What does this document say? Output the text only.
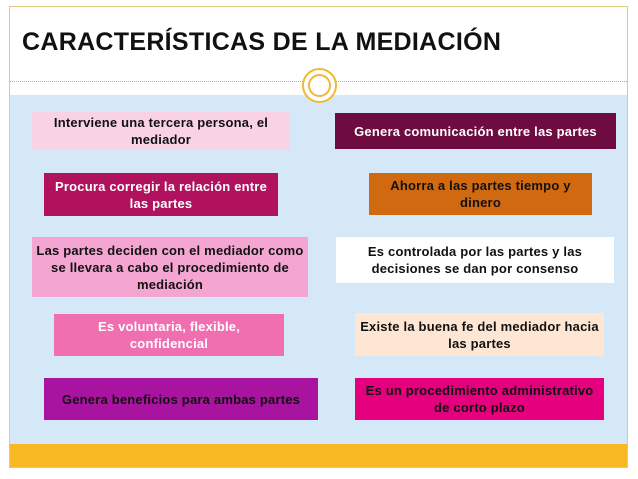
CARACTERÍSTICAS DE LA MEDIACIÓN
Interviene una tercera persona, el mediador
Procura corregir la relación entre las partes
Las partes deciden con el mediador como se llevara a cabo el procedimiento de mediación
Es voluntaria, flexible, confidencial
Genera beneficios para ambas partes
Genera comunicación entre las partes
Ahorra a las partes tiempo y dinero
Es controlada por las partes y las decisiones se dan por consenso
Existe la buena fe del mediador hacia las partes
Es un procedimiento administrativo de corto plazo
